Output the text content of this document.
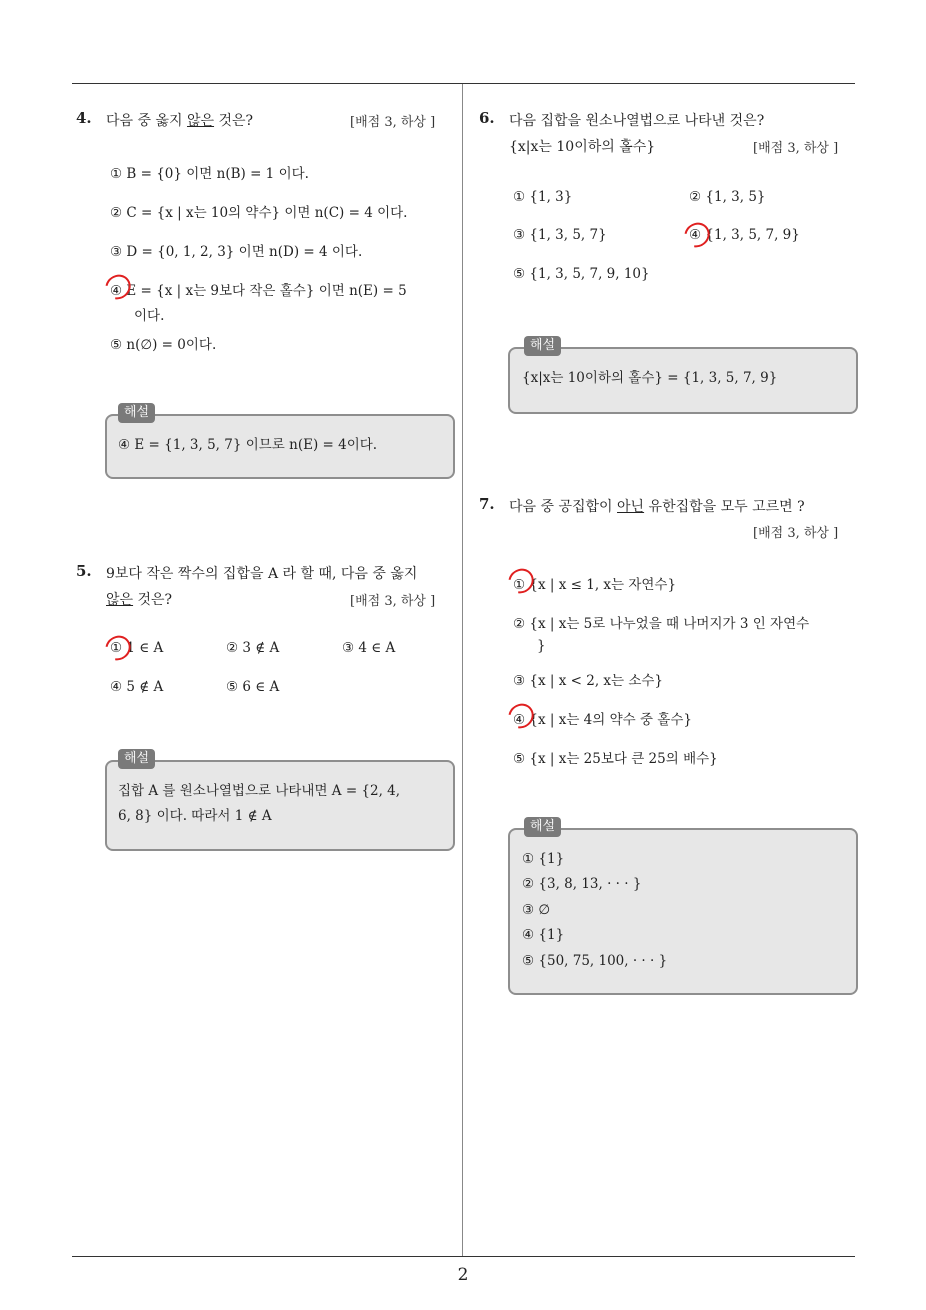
4. 다음 중 옳지 않은 것은?	[배점 3, 하상 ]
① B = {0} 이면 n(B) = 1 이다.
② C = {x | x는 10의 약수} 이면 n(C) = 4 이다.
③ D = {0, 1, 2, 3} 이면 n(D) = 4 이다.
④ E = {x | x는 9보다 작은 홀수} 이면 n(E) = 5
이다.
⑤ n(∅) = 0이다.
해설
④ E = {1, 3, 5, 7} 이므로 n(E) = 4이다.
5. 9보다 작은 짝수의 집합을 A 라 할 때, 다음 중 옳지
않은 것은?	[배점 3, 하상 ]
① 1 ∈ A	② 3 ∉ A	③ 4 ∈ A
④ 5 ∉ A	⑤ 6 ∈ A
해설
집합 A 를 원소나열법으로 나타내면 A = {2, 4,
6, 8} 이다. 따라서 1 ∉ A
6. 다음 집합을 원소나열법으로 나타낸 것은?
{x|x는 10이하의 홀수}	[배점 3, 하상 ]
① {1, 3}	② {1, 3, 5}
③ {1, 3, 5, 7}	④ {1, 3, 5, 7, 9}
⑤ {1, 3, 5, 7, 9, 10}
해설
{x|x는 10이하의 홀수} = {1, 3, 5, 7, 9}
7. 다음 중 공집합이 아닌 유한집합을 모두 고르면 ?
[배점 3, 하상 ]
① {x | x ≤ 1, x는 자연수}
② {x | x는 5로 나누었을 때 나머지가 3 인 자연수
}
③ {x | x < 2, x는 소수}
④ {x | x는 4의 약수 중 홀수}
⑤ {x | x는 25보다 큰 25의 배수}
해설
① {1}
② {3, 8, 13, · · · }
③ ∅
④ {1}
⑤ {50, 75, 100, · · · }
2
